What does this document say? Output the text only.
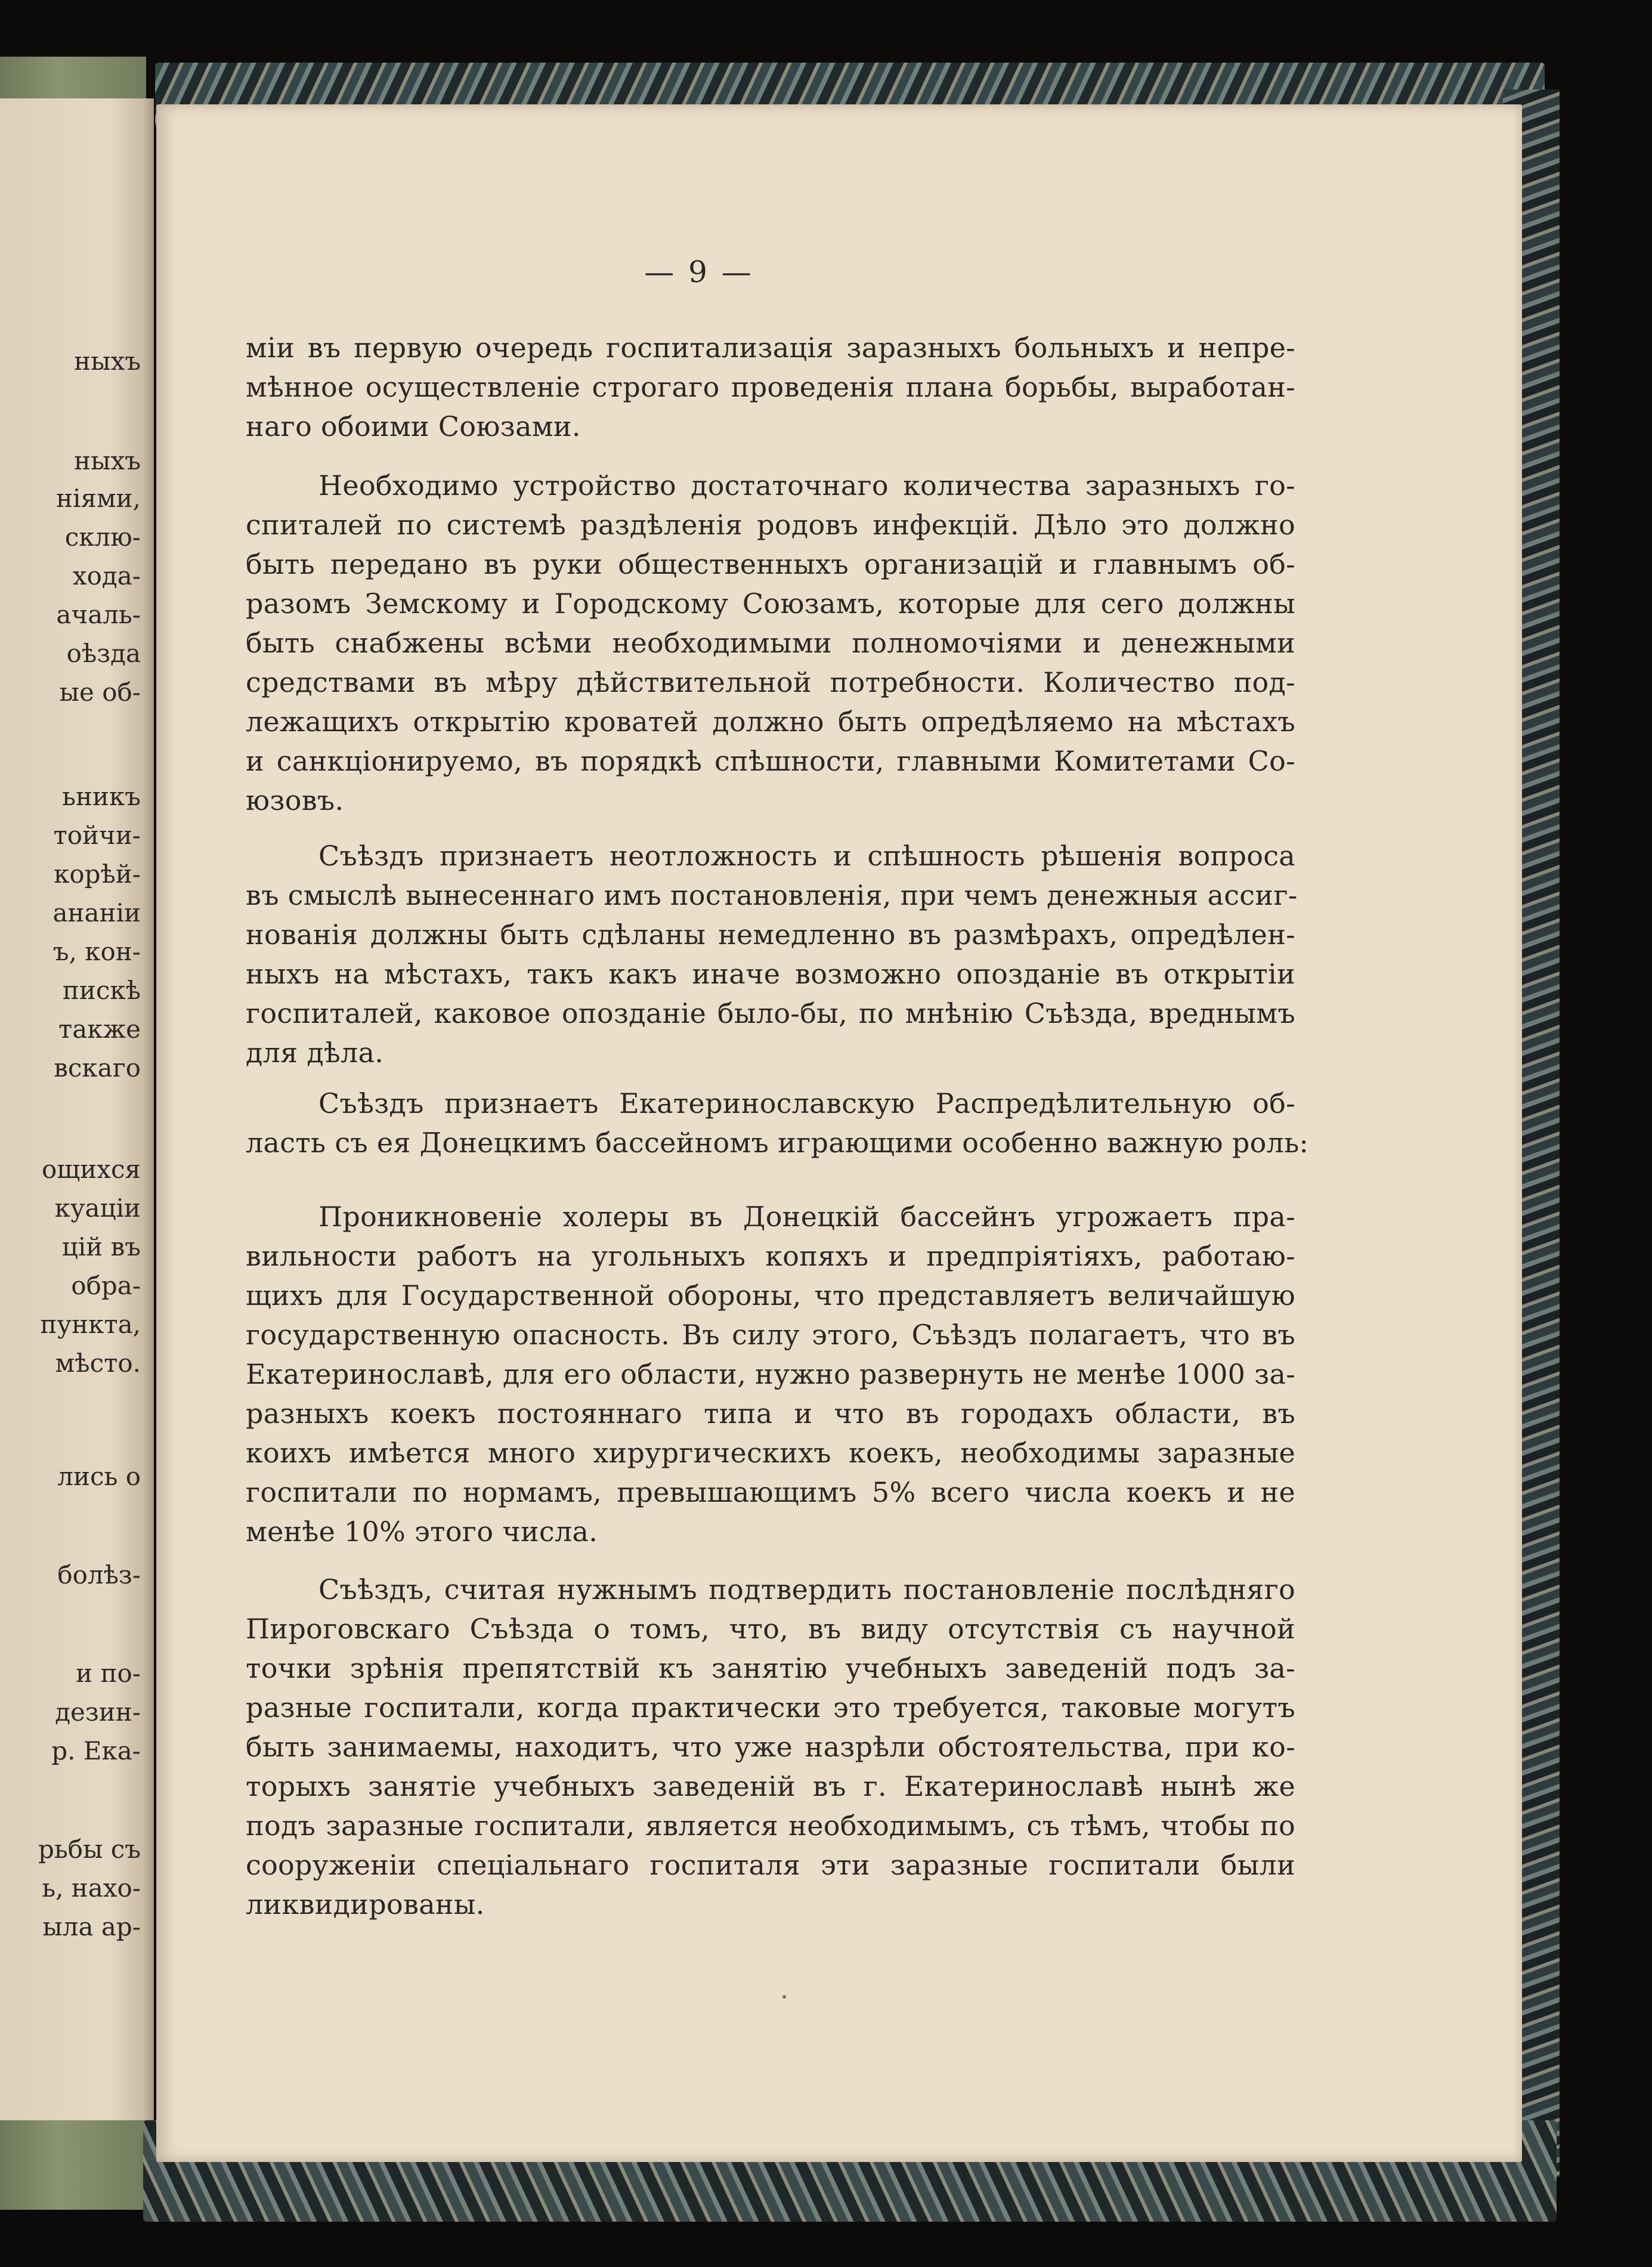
ныхъ

ныхъ

ніями,

склю-

хода-

ачаль-

оѣзда

ые об-

ьникъ

тойчи-

корѣй-

ананіи

ъ, кон-

пискѣ

также

вскаго

ощихся

куаціи

цій въ

обра-

пункта,

мѣсто.

лись о

болѣз-

и по-

дезин-

р. Ека-

рьбы съ

ь, нахо-

ыла ар-

— 9 —

міи въ первую очередь госпитализація заразныхъ больныхъ и непре-
мѣнное осуществленіе строгаго проведенія плана борьбы, выработан-
наго обоими Союзами.
Необходимо устройство достаточнаго количества заразныхъ го-
спиталей по системѣ раздѣленія родовъ инфекцій. Дѣло это должно
быть передано въ руки общественныхъ организацій и главнымъ об-
разомъ Земскому и Городскому Союзамъ, которые для сего должны
быть снабжены всѣми необходимыми полномочіями и денежными
средствами въ мѣру дѣйствительной потребности. Количество под-
лежащихъ открытію кроватей должно быть опредѣляемо на мѣстахъ
и санкціонируемо, въ порядкѣ спѣшности, главными Комитетами Со-
юзовъ.
Съѣздъ признаетъ неотложность и спѣшность рѣшенія вопроса
въ смыслѣ вынесеннаго имъ постановленія, при чемъ денежныя ассиг-
нованія должны быть сдѣланы немедленно въ размѣрахъ, опредѣлен-
ныхъ на мѣстахъ, такъ какъ иначе возможно опозданіе въ открытіи
госпиталей, каковое опозданіе было-бы, по мнѣнію Съѣзда, вреднымъ
для дѣла.
Съѣздъ признаетъ Екатеринославскую Распредѣлительную об-
ласть съ ея Донецкимъ бассейномъ играющими особенно важную роль:
Проникновеніе холеры въ Донецкій бассейнъ угрожаетъ пра-
вильности работъ на угольныхъ копяхъ и предпріятіяхъ, работаю-
щихъ для Государственной обороны, что представляетъ величайшую
государственную опасность. Въ силу этого, Съѣздъ полагаетъ, что въ
Екатеринославѣ, для его области, нужно развернуть не менѣе 1000 за-
разныхъ коекъ постояннаго типа и что въ городахъ области, въ
коихъ имѣется много хирургическихъ коекъ, необходимы заразные
госпитали по нормамъ, превышающимъ 5% всего числа коекъ и не
менѣе 10% этого числа.
Съѣздъ, считая нужнымъ подтвердить постановленіе послѣдняго
Пироговскаго Съѣзда о томъ, что, въ виду отсутствія съ научной
точки зрѣнія препятствій къ занятію учебныхъ заведеній подъ за-
разные госпитали, когда практически это требуется, таковые могутъ
быть занимаемы, находитъ, что уже назрѣли обстоятельства, при ко-
торыхъ занятіе учебныхъ заведеній въ г. Екатеринославѣ нынѣ же
подъ заразные госпитали, является необходимымъ, съ тѣмъ, чтобы по
сооруженіи спеціальнаго госпиталя эти заразные госпитали были
ликвидированы.
